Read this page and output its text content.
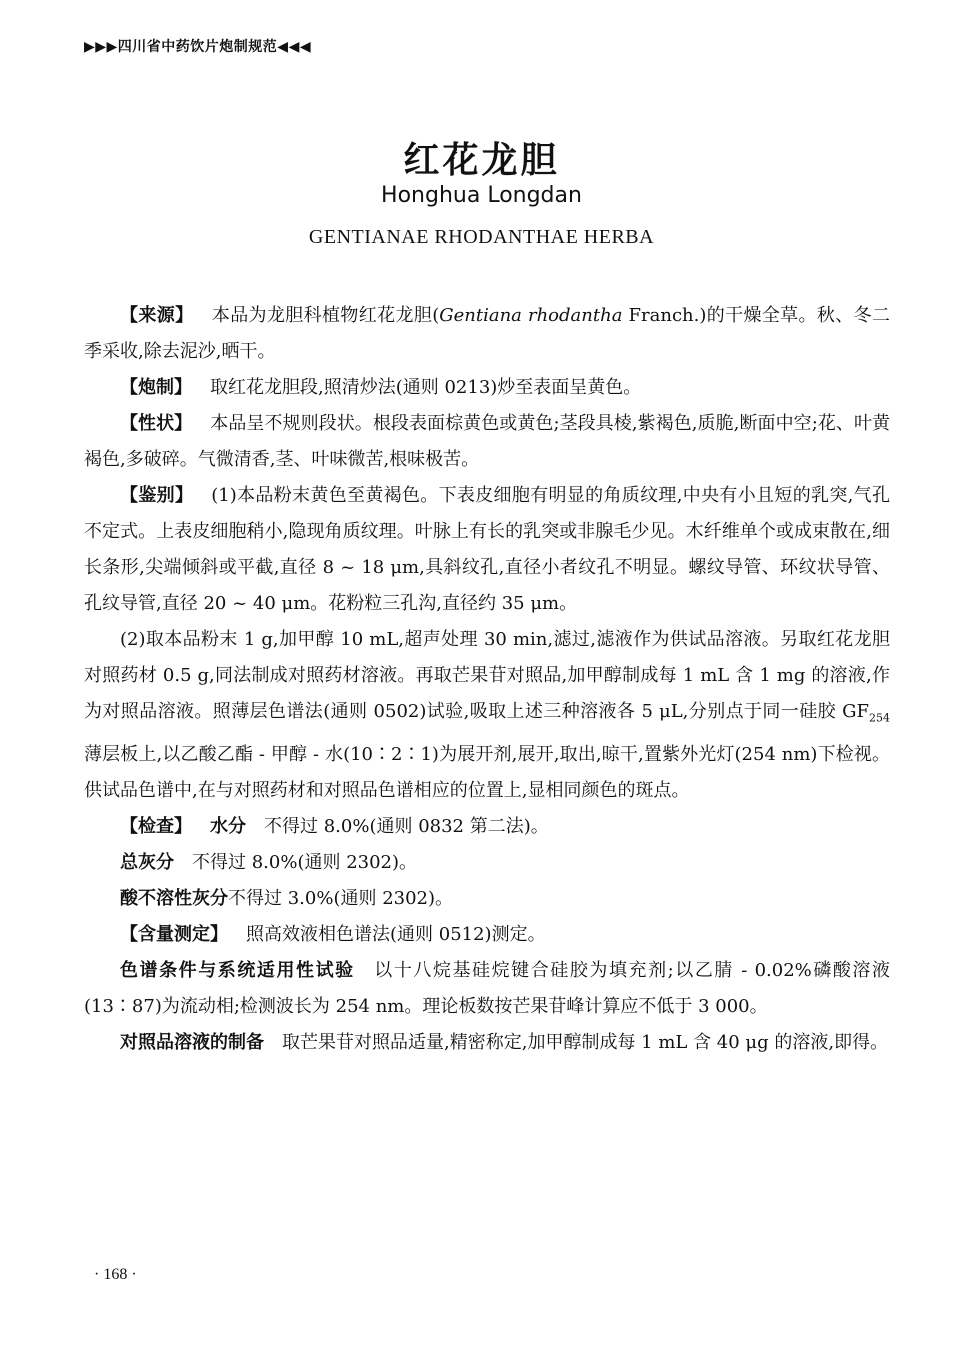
▶▶▶四川省中药饮片炮制规范◀◀◀
红花龙胆
Honghua Longdan
GENTIANAE RHODANTHAE HERBA

【来源】 本品为龙胆科植物红花龙胆(Gentiana rhodantha Franch.)的干燥全草。秋、冬二季采收,除去泥沙,晒干。

【炮制】 取红花龙胆段,照清炒法(通则 0213)炒至表面呈黄色。

【性状】 本品呈不规则段状。根段表面棕黄色或黄色;茎段具棱,紫褐色,质脆,断面中空;花、叶黄褐色,多破碎。气微清香,茎、叶味微苦,根味极苦。

【鉴别】 (1)本品粉末黄色至黄褐色。下表皮细胞有明显的角质纹理,中央有小且短的乳突,气孔不定式。上表皮细胞稍小,隐现角质纹理。叶脉上有长的乳突或非腺毛少见。木纤维单个或成束散在,细长条形,尖端倾斜或平截,直径 8 ~ 18 μm,具斜纹孔,直径小者纹孔不明显。螺纹导管、环纹状导管、孔纹导管,直径 20 ~ 40 μm。花粉粒三孔沟,直径约 35 μm。

(2)取本品粉末 1 g,加甲醇 10 mL,超声处理 30 min,滤过,滤液作为供试品溶液。另取红花龙胆对照药材 0.5 g,同法制成对照药材溶液。再取芒果苷对照品,加甲醇制成每 1 mL 含 1 mg 的溶液,作为对照品溶液。照薄层色谱法(通则 0502)试验,吸取上述三种溶液各 5 μL,分别点于同一硅胶 $GF_{254}$薄层板上,以乙酸乙酯 - 甲醇 - 水(10∶2∶1)为展开剂,展开,取出,晾干,置紫外光灯(254 nm)下检视。供试品色谱中,在与对照药材和对照品色谱相应的位置上,显相同颜色的斑点。

【检查】 水分 不得过 8.0%(通则 0832 第二法)。

总灰分 不得过 8.0%(通则 2302)。

酸不溶性灰分不得过 3.0%(通则 2302)。

【含量测定】 照高效液相色谱法(通则 0512)测定。

色谱条件与系统适用性试验 以十八烷基硅烷键合硅胶为填充剂;以乙腈 - 0.02%磷酸溶液(13∶87)为流动相;检测波长为 254 nm。理论板数按芒果苷峰计算应不低于 3 000。

对照品溶液的制备 取芒果苷对照品适量,精密称定,加甲醇制成每 1 mL 含 40 μg 的溶液,即得。

· 168 ·
